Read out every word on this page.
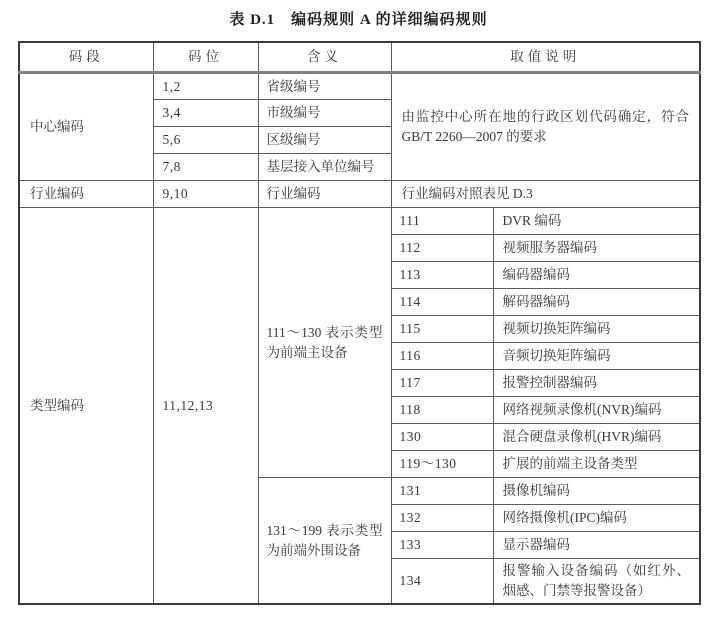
表 D.1　编码规则 A 的详细编码规则
码段	码位	含义	取值说明	
中心编码	1,2	省级编号	由监控中心所在地的行政区划代码确定，符合
GB/T 2260—2007 的要求	

	3,4	市级编号		
	5,6	区级编号		
	7,8	基层接入单位编号		
行业编码	9,10	行业编码	行业编码对照表见 D.3	
类型编码	11,12,13	111～130 表示类型为前端主设备	111	DVR 编码
			112	视频服务器编码
			113	编码器编码
			114	解码器编码
			115	视频切换矩阵编码
			116	音频切换矩阵编码
			117	报警控制器编码
			118	网络视频录像机(NVR)编码
			130	混合硬盘录像机(HVR)编码
			119～130	扩展的前端主设备类型
		131～199 表示类型为前端外围设备	131	摄像机编码
			132	网络摄像机(IPC)编码
			133	显示器编码
			134	报警输入设备编码（如红外、烟感、门禁等报警设备）
